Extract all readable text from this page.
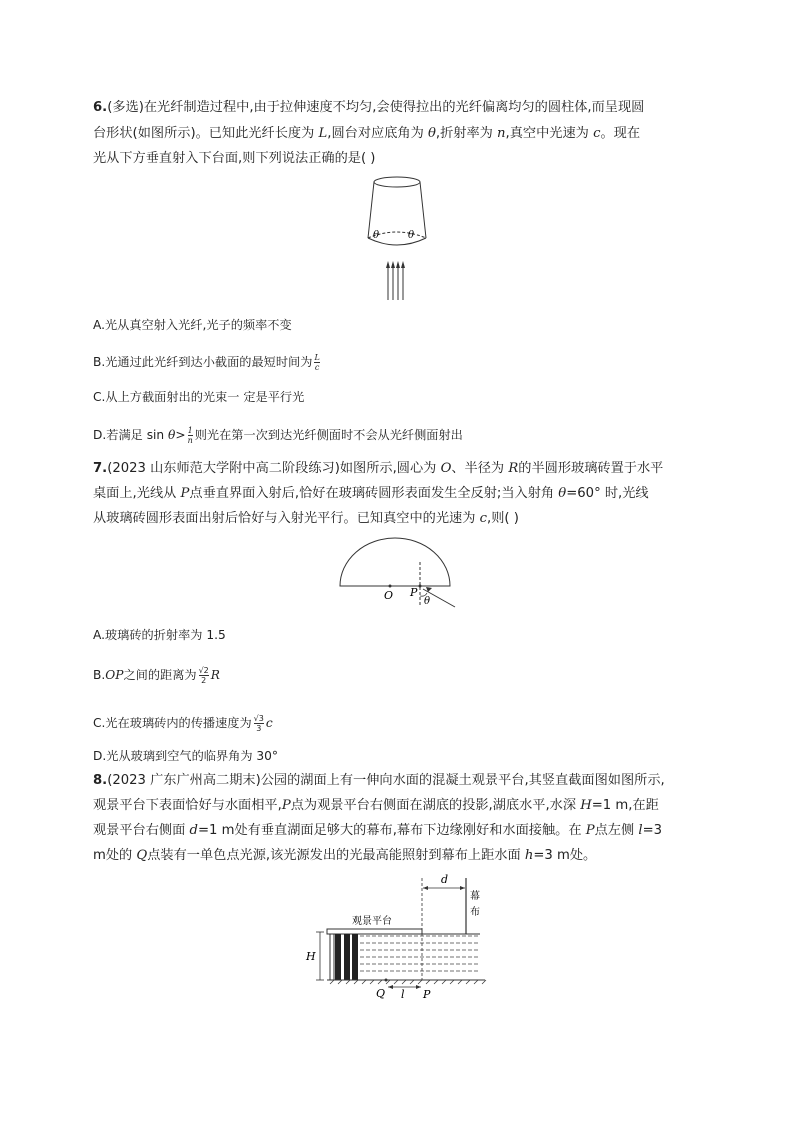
6.(多选)在光纤制造过程中,由于拉伸速度不均匀,会使得拉出的光纤偏离均匀的圆柱体,而呈现圆
台形状(如图所示)。已知此光纤长度为 L,圆台对应底角为 θ,折射率为 n,真空中光速为 c。现在
光从下方垂直射入下台面,则下列说法正确的是( )
θ	θ
A.光从真空射入光纤,光子的频率不变
B.光通过此光纤到达小截面的最短时间为 $\frac{L}{c}$
C.从上方截面射出的光束一 定是平行光
D.若满足 $\sin \theta> \frac{1}{n}$ 则光在第一次到达光纤侧面时不会从光纤侧面射出
7.(2023 山东师范大学附中高二阶段练习)如图所示,圆心为 O、半径为 R的半圆形玻璃砖置于水平
桌面上,光线从 P点垂直界面入射后,恰好在玻璃砖圆形表面发生全反射;当入射角 θ=60° 时,光线
从玻璃砖圆形表面出射后恰好与入射光平行。已知真空中的光速为 c,则( )
O P
θ
A.玻璃砖的折射率为 1.5
B.OP之间的距离为 $\frac{√2}{2}$ R
C.光在玻璃砖内的传播速度为 $\frac{√3}{3}$ c
D.光从玻璃到空气的临界角为 30°
8.(2023 广东广州高二期末)公园的湖面上有一伸向水面的混凝土观景平台,其竖直截面图如图所示,
观景平台下表面恰好与水面相平,P点为观景平台右侧面在湖底的投影,湖底水平,水深 H=1 m,在距
观景平台右侧面 d=1 m处有垂直湖面足够大的幕布,幕布下边缘刚好和水面接触。在 P点左侧 l=3
m处的 Q点装有一单色点光源,该光源发出的光最高能照射到幕布上距水面 h=3 m处。
H
观景平台
幕
布
d
Q l P
